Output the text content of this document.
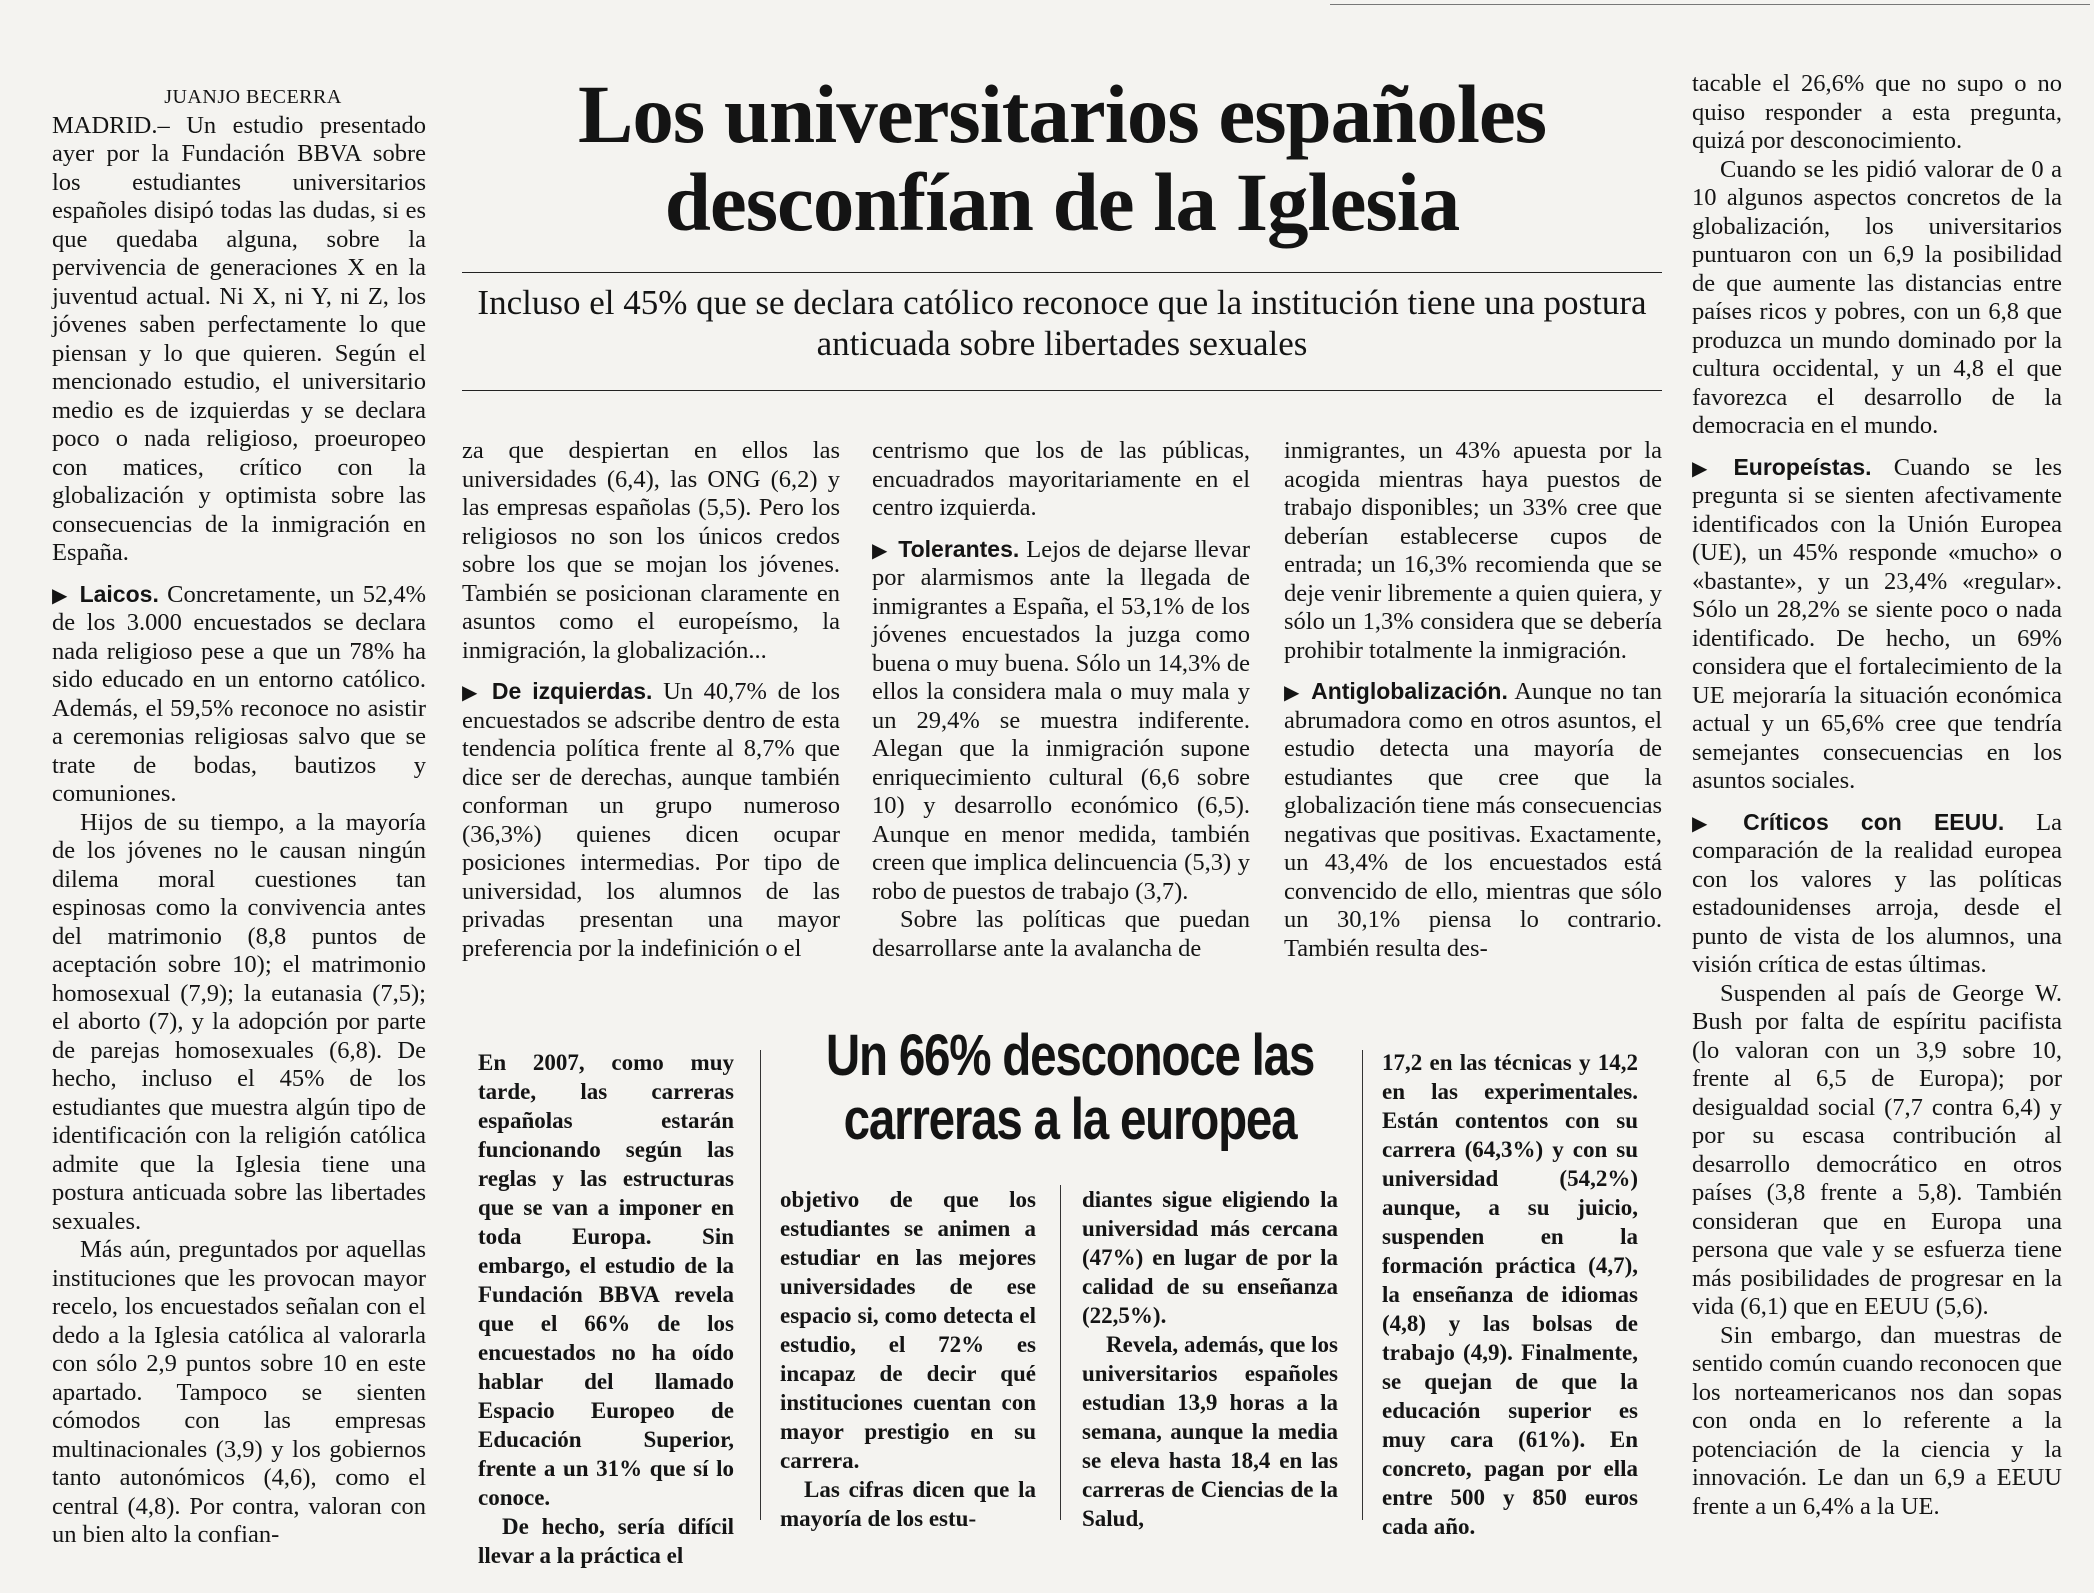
JUANJO BECERRA

MADRID.– Un estudio presentado ayer por la Fundación BBVA sobre los estudiantes universitarios españoles disipó todas las dudas, si es que quedaba alguna, sobre la pervivencia de generaciones X en la juventud actual. Ni X, ni Y, ni Z, los jóvenes saben perfectamente lo que piensan y lo que quieren. Según el mencionado estudio, el universitario medio es de izquierdas y se declara poco o nada religioso, proeuropeo con matices, crítico con la globalización y optimista sobre las consecuencias de la inmigración en España.

▶ Laicos. Concretamente, un 52,4% de los 3.000 encuestados se declara nada religioso pese a que un 78% ha sido educado en un entorno católico. Además, el 59,5% reconoce no asistir a ceremonias religiosas salvo que se trate de bodas, bautizos y comuniones.

Hijos de su tiempo, a la mayoría de los jóvenes no le causan ningún dilema moral cuestiones tan espinosas como la convivencia antes del matrimonio (8,8 puntos de aceptación sobre 10); el matrimonio homosexual (7,9); la eutanasia (7,5); el aborto (7), y la adopción por parte de parejas homosexuales (6,8). De hecho, incluso el 45% de los estudiantes que muestra algún tipo de identificación con la religión católica admite que la Iglesia tiene una postura anticuada sobre las libertades sexuales.

Más aún, preguntados por aquellas instituciones que les provocan mayor recelo, los encuestados señalan con el dedo a la Iglesia católica al valorarla con sólo 2,9 puntos sobre 10 en este apartado. Tampoco se sienten cómodos con las empresas multinacionales (3,9) y los gobiernos tanto autonómicos (4,6), como el central (4,8). Por contra, valoran con un bien alto la confian-

Los universitarios españoles desconfían de la Iglesia

Incluso el 45% que se declara católico reconoce que la institución tiene una postura anticuada sobre libertades sexuales

za que despiertan en ellos las universidades (6,4), las ONG (6,2) y las empresas españolas (5,5). Pero los religiosos no son los únicos credos sobre los que se mojan los jóvenes. También se posicionan claramente en asuntos como el europeísmo, la inmigración, la globalización...

▶ De izquierdas. Un 40,7% de los encuestados se adscribe dentro de esta tendencia política frente al 8,7% que dice ser de derechas, aunque también conforman un grupo numeroso (36,3%) quienes dicen ocupar posiciones intermedias. Por tipo de universidad, los alumnos de las privadas presentan una mayor preferencia por la indefinición o el

centrismo que los de las públicas, encuadrados mayoritariamente en el centro izquierda.

▶ Tolerantes. Lejos de dejarse llevar por alarmismos ante la llegada de inmigrantes a España, el 53,1% de los jóvenes encuestados la juzga como buena o muy buena. Sólo un 14,3% de ellos la considera mala o muy mala y un 29,4% se muestra indiferente. Alegan que la inmigración supone enriquecimiento cultural (6,6 sobre 10) y desarrollo económico (6,5). Aunque en menor medida, también creen que implica delincuencia (5,3) y robo de puestos de trabajo (3,7).

Sobre las políticas que puedan desarrollarse ante la avalancha de

inmigrantes, un 43% apuesta por la acogida mientras haya puestos de trabajo disponibles; un 33% cree que deberían establecerse cupos de entrada; un 16,3% recomienda que se deje venir libremente a quien quiera, y sólo un 1,3% considera que se debería prohibir totalmente la inmigración.

▶ Antiglobalización. Aunque no tan abrumadora como en otros asuntos, el estudio detecta una mayoría de estudiantes que cree que la globalización tiene más consecuencias negativas que positivas. Exactamente, un 43,4% de los encuestados está convencido de ello, mientras que sólo un 30,1% piensa lo contrario. También resulta des-

tacable el 26,6% que no supo o no quiso responder a esta pregunta, quizá por desconocimiento.

Cuando se les pidió valorar de 0 a 10 algunos aspectos concretos de la globalización, los universitarios puntuaron con un 6,9 la posibilidad de que aumente las distancias entre países ricos y pobres, con un 6,8 que produzca un mundo dominado por la cultura occidental, y un 4,8 el que favorezca el desarrollo de la democracia en el mundo.

▶ Europeístas. Cuando se les pregunta si se sienten afectivamente identificados con la Unión Europea (UE), un 45% responde «mucho» o «bastante», y un 23,4% «regular». Sólo un 28,2% se siente poco o nada identificado. De hecho, un 69% considera que el fortalecimiento de la UE mejoraría la situación económica actual y un 65,6% cree que tendría semejantes consecuencias en los asuntos sociales.

▶ Críticos con EEUU. La comparación de la realidad europea con los valores y las políticas estadounidenses arroja, desde el punto de vista de los alumnos, una visión crítica de estas últimas.

Suspenden al país de George W. Bush por falta de espíritu pacifista (lo valoran con un 3,9 sobre 10, frente al 6,5 de Europa); por desigualdad social (7,7 contra 6,4) y por su escasa contribución al desarrollo democrático en otros países (3,8 frente a 5,8). También consideran que en Europa una persona que vale y se esfuerza tiene más posibilidades de progresar en la vida (6,1) que en EEUU (5,6).

Sin embargo, dan muestras de sentido común cuando reconocen que los norteamericanos nos dan sopas con onda en lo referente a la potenciación de la ciencia y la innovación. Le dan un 6,9 a EEUU frente a un 6,4% a la UE.

En 2007, como muy tarde, las carreras españolas estarán funcionando según las reglas y las estructuras que se van a imponer en toda Europa. Sin embargo, el estudio de la Fundación BBVA revela que el 66% de los encuestados no ha oído hablar del llamado Espacio Europeo de Educación Superior, frente a un 31% que sí lo conoce.

De hecho, sería difícil llevar a la práctica el

Un 66% desconoce las carreras a la europea

objetivo de que los estudiantes se animen a estudiar en las mejores universidades de ese espacio si, como detecta el estudio, el 72% es incapaz de decir qué instituciones cuentan con mayor prestigio en su carrera.

Las cifras dicen que la mayoría de los estu-

diantes sigue eligiendo la universidad más cercana (47%) en lugar de por la calidad de su enseñanza (22,5%).

Revela, además, que los universitarios españoles estudian 13,9 horas a la semana, aunque la media se eleva hasta 18,4 en las carreras de Ciencias de la Salud,

17,2 en las técnicas y 14,2 en las experimentales. Están contentos con su carrera (64,3%) y con su universidad (54,2%) aunque, a su juicio, suspenden en la formación práctica (4,7), la enseñanza de idiomas (4,8) y las bolsas de trabajo (4,9). Finalmente, se quejan de que la educación superior es muy cara (61%). En concreto, pagan por ella entre 500 y 850 euros cada año.
